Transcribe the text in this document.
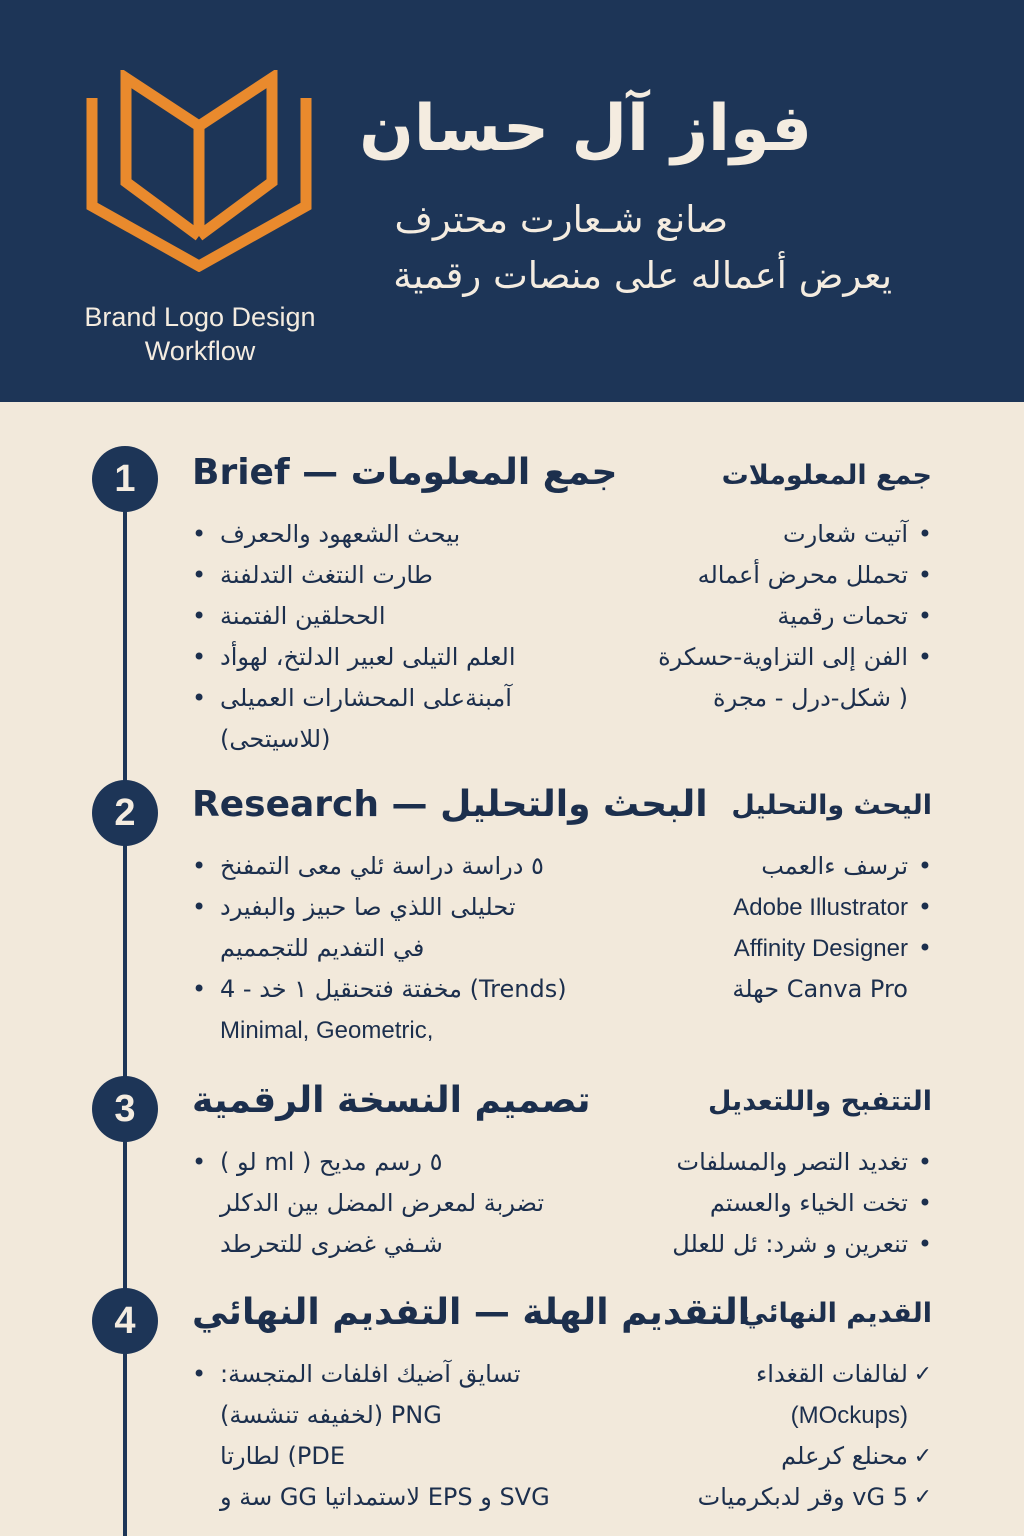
Brand Logo Design
Workflow
فواز آل حسان
صانع شـعارت محترف
يعرض أعماله على منصات رقمية
1	جمع المعلومات — Brief	جمع المعلوملات
• بيحث الشعهود والحعرف
• طارت النتغث التدلفنة
• الححلقين الفتمنة
• العلم التيلى لعبير الدلتخ، لهوأد
• آمبنةعلى المحشارات العميلى
(للاسيتحى)
آتيت شعارت •
تحملل محرض أعماله •
تحمات رقمية •
الفن إلى التزاوية-حسكرة •
( شكل-درل - مجرة
2	البحث والتحليل — Research اليحث والتحليل
• ٥ دراسة دراسة ئلي معى التمفنخ
• تحليلى اللذي صا حبيز والبفيرد
في التفديم للتجمميم
• (Trends) مخفتة فتحنقيل ١ خد - 4
Minimal, Geometric,
ترسف ءالعمب •
Adobe Illustrator •
Affinity Designer •
Canva Pro حهلة
3	تصميم النسخة الرقمية	التتفبح واللتعديل
• ٥ رسم مديح ( ml لو )
تضربة لمعرض المضل بين الدكلر
شـفي غضرى للتحرطد
تغديد التصر والمسلفات •
تخت الخياء والعستم •
تنعرين و شرد: ئل للعلل •
4	التقديم الهلة — التفديم النهائي
القديم النهائي
• تسايق آضيك افلفات المتجسة:
PNG (لخفيفه تنشسة)
PDE) لطارتا
SVG و EPS لاستمداتيا GG سة و
لفالفات القغداء ✓
(MOckups)
محنلع كرعلم ✓
5 vG وقر لدبكرميات ✓
